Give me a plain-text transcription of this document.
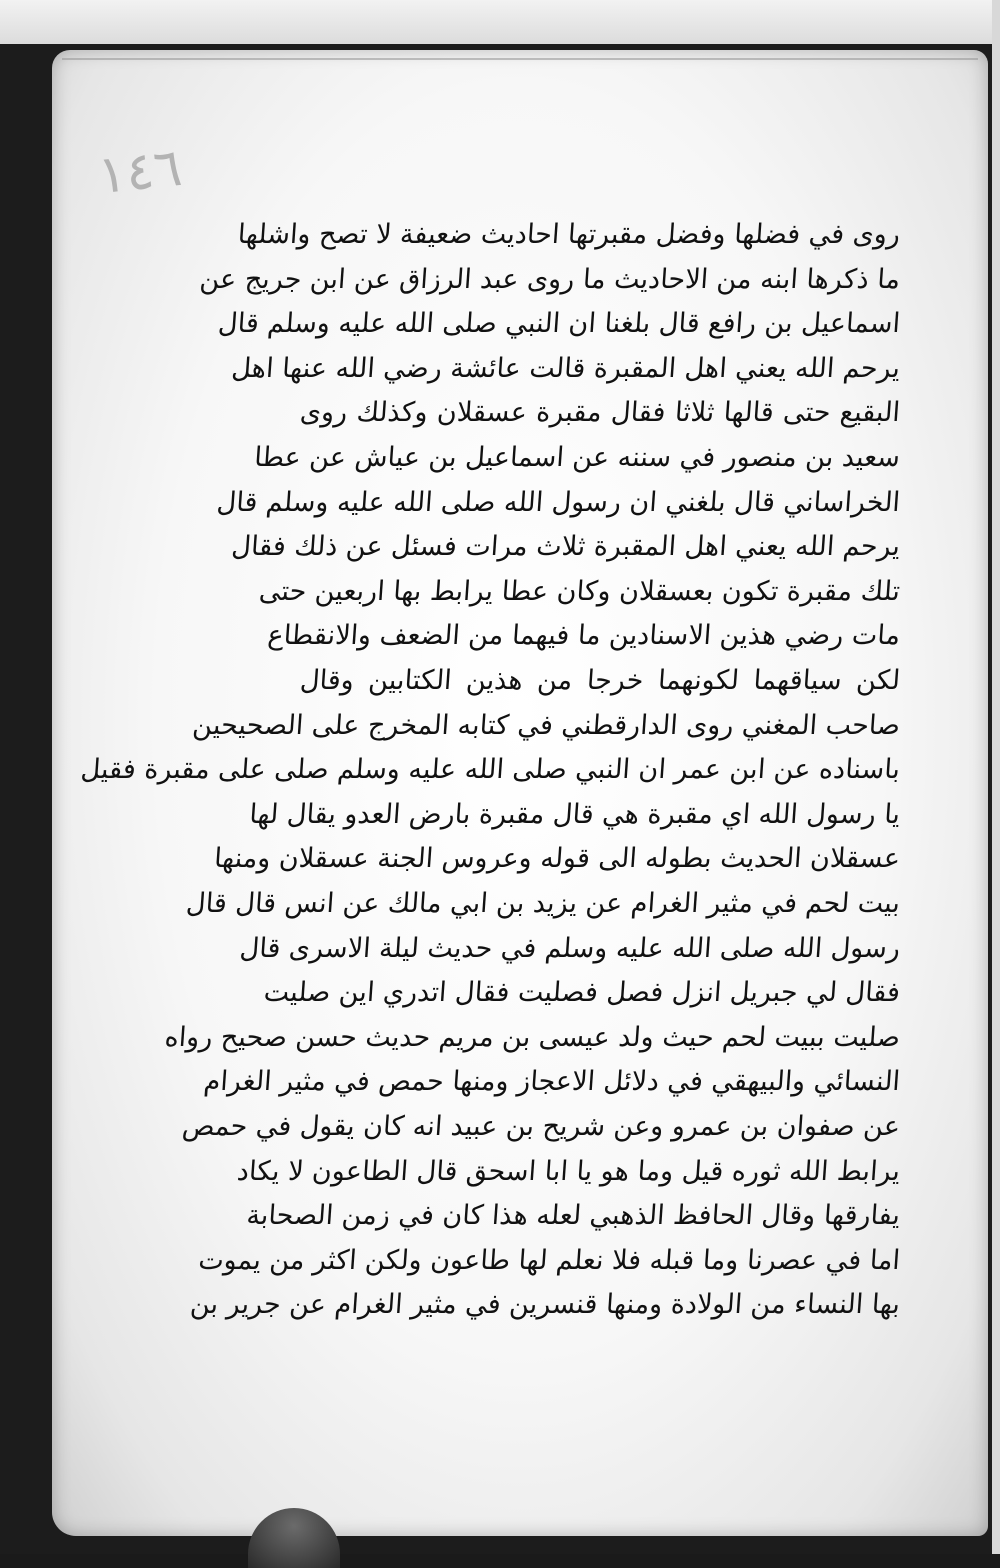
١٤٦
روى في فضلها وفضل مقبرتها احاديث ضعيفة لا تصح واشلها
ما ذكرها ابنه من الاحاديث ما روى عبد الرزاق عن ابن جريج عن
اسماعيل بن رافع قال بلغنا ان النبي صلى الله عليه وسلم قال
يرحم الله يعني اهل المقبرة قالت عائشة رضي الله عنها اهل
البقيع حتى قالها ثلاثا فقال مقبرة عسقلان وكذلك روى
سعيد بن منصور في سننه عن اسماعيل بن عياش عن عطا
الخراساني قال بلغني ان رسول الله صلى الله عليه وسلم قال
يرحم الله يعني اهل المقبرة ثلاث مرات فسئل عن ذلك فقال
تلك مقبرة تكون بعسقلان وكان عطا يرابط بها اربعين حتى
مات رضي هذين الاسنادين ما فيهما من الضعف والانقطاع
لكن سياقهما لكونهما خرجا من هذين الكتابين وقال
صاحب المغني روى الدارقطني في كتابه المخرج على الصحيحين
باسناده عن ابن عمر ان النبي صلى الله عليه وسلم صلى على مقبرة فقيل
يا رسول الله اي مقبرة هي قال مقبرة بارض العدو يقال لها
عسقلان الحديث بطوله الى قوله وعروس الجنة عسقلان ومنها
بيت لحم في مثير الغرام عن يزيد بن ابي مالك عن انس قال قال
رسول الله صلى الله عليه وسلم في حديث ليلة الاسرى قال
فقال لي جبريل انزل فصل فصليت فقال اتدري اين صليت
صليت ببيت لحم حيث ولد عيسى بن مريم حديث حسن صحيح رواه
النسائي والبيهقي في دلائل الاعجاز ومنها حمص في مثير الغرام
عن صفوان بن عمرو وعن شريح بن عبيد انه كان يقول في حمص
يرابط الله ثوره قيل وما هو يا ابا اسحق قال الطاعون لا يكاد
يفارقها وقال الحافظ الذهبي لعله هذا كان في زمن الصحابة
اما في عصرنا وما قبله فلا نعلم لها طاعون ولكن اكثر من يموت
بها النساء من الولادة ومنها قنسرين في مثير الغرام عن جرير بن
